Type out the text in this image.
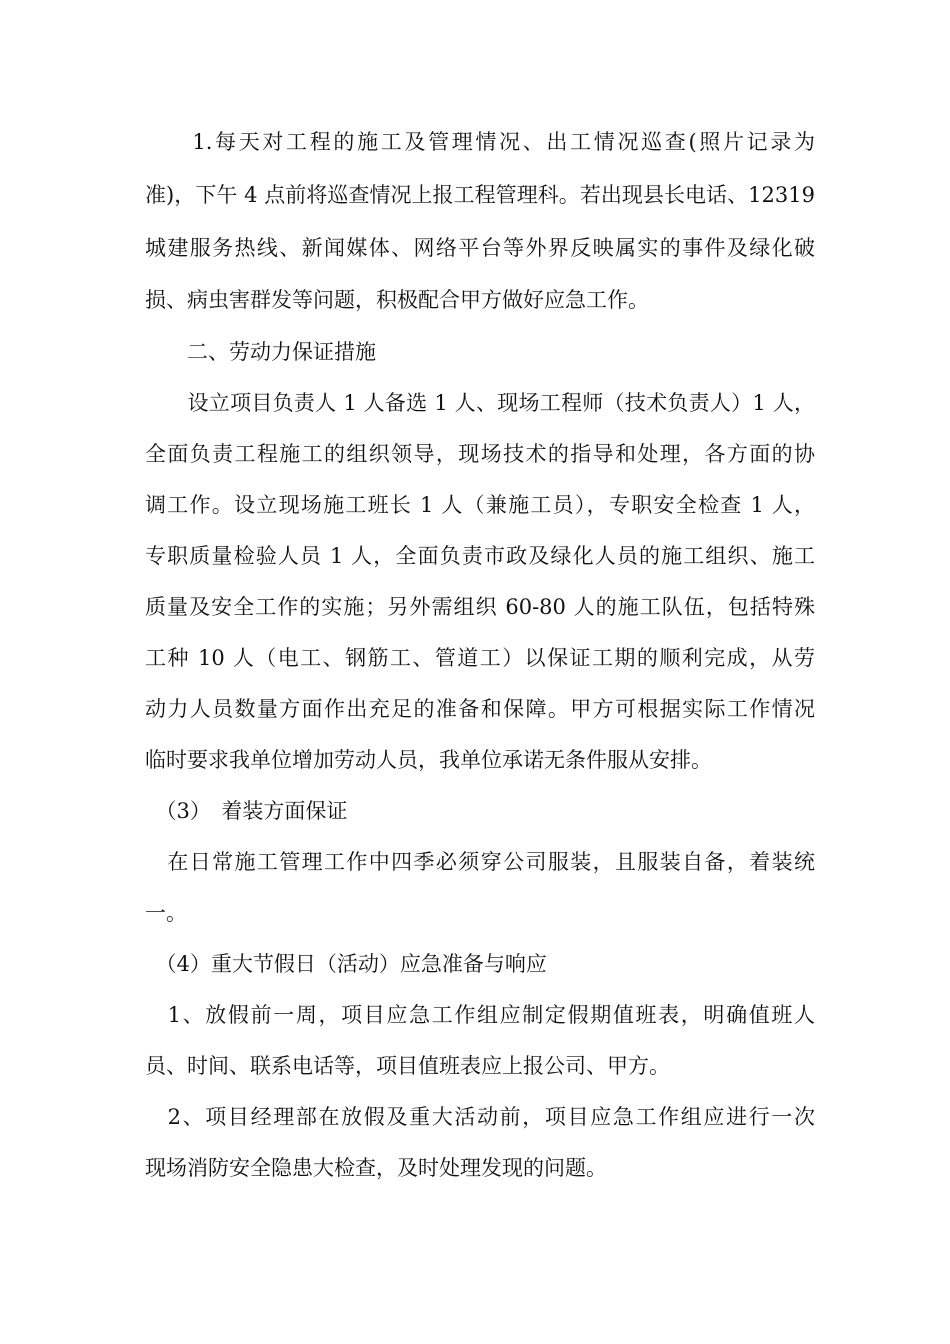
　　1.每天对工程的施工及管理情况、出工情况巡查(照片记录为
准)，下午 4 点前将巡查情况上报工程管理科。若出现县长电话、12319
城建服务热线、新闻媒体、网络平台等外界反映属实的事件及绿化破
损、病虫害群发等问题，积极配合甲方做好应急工作。
　　二、劳动力保证措施
　　设立项目负责人 1 人备选 1 人、现场工程师（技术负责人）1 人，
全面负责工程施工的组织领导，现场技术的指导和处理，各方面的协
调工作。设立现场施工班长 1 人（兼施工员），专职安全检查 1 人，
专职质量检验人员 1 人，全面负责市政及绿化人员的施工组织、施工
质量及安全工作的实施；另外需组织 60-80 人的施工队伍，包括特殊
工种 10 人（电工、钢筋工、管道工）以保证工期的顺利完成，从劳
动力人员数量方面作出充足的准备和保障。甲方可根据实际工作情况
临时要求我单位增加劳动人员，我单位承诺无条件服从安排。
　（3）　着装方面保证
　在日常施工管理工作中四季必须穿公司服装，且服装自备，着装统
一。
　（4）重大节假日（活动）应急准备与响应
　1、放假前一周，项目应急工作组应制定假期值班表，明确值班人
员、时间、联系电话等，项目值班表应上报公司、甲方。
　2、项目经理部在放假及重大活动前，项目应急工作组应进行一次
现场消防安全隐患大检查，及时处理发现的问题。
